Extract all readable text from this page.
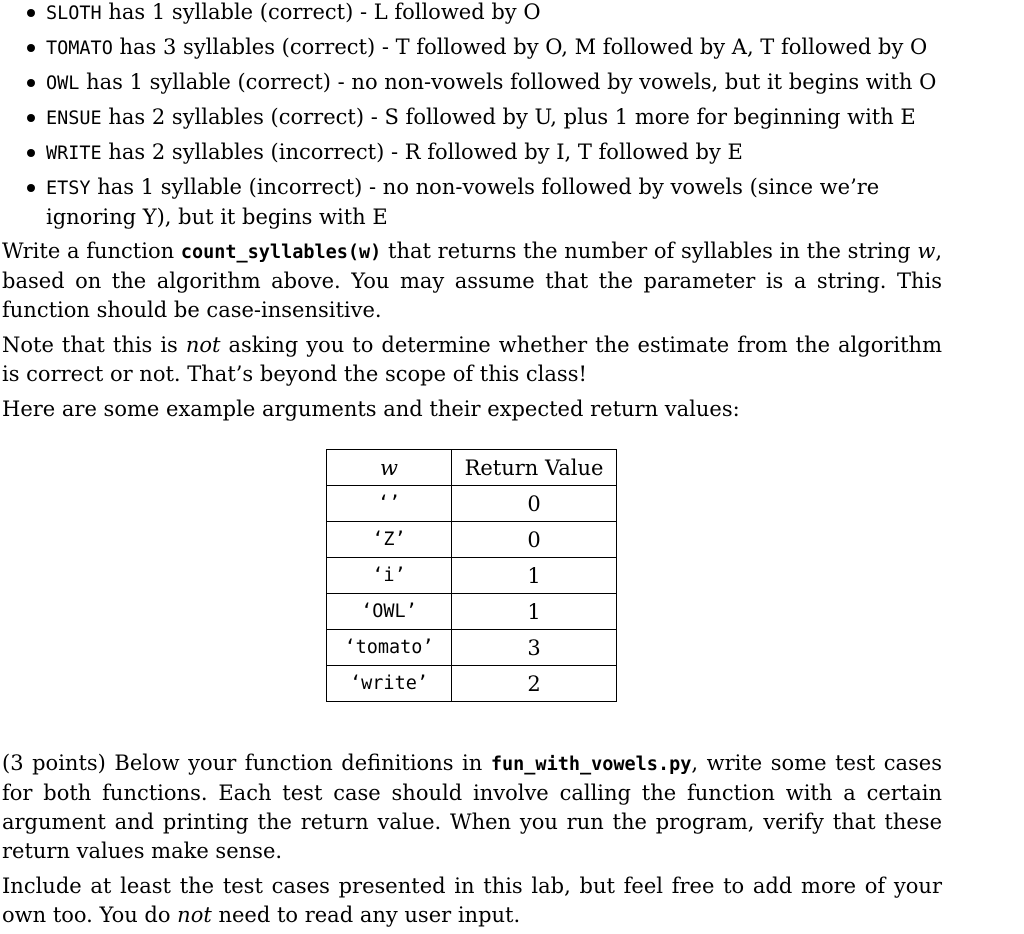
SLOTH has 1 syllable (correct) - L followed by O
TOMATO has 3 syllables (correct) - T followed by O, M followed by A, T followed by O
OWL has 1 syllable (correct) - no non-vowels followed by vowels, but it begins with O
ENSUE has 2 syllables (correct) - S followed by U, plus 1 more for beginning with E
WRITE has 2 syllables (incorrect) - R followed by I, T followed by E
ETSY has 1 syllable (incorrect) - no non-vowels followed by vowels (since we’re ignoring Y), but it begins with E

Write a function count_syllables(w) that returns the number of syllables in the string w, based on the algorithm above. You may assume that the parameter is a string. This function should be case-insensitive.

Note that this is not asking you to determine whether the estimate from the algorithm is correct or not. That’s beyond the scope of this class!

Here are some example arguments and their expected return values:

w	Return Value
‘’	0
‘Z’	0
‘i’	1
‘OWL’	1
‘tomato’	3
‘write’	2

(3 points) Below your function definitions in fun_with_vowels.py, write some test cases for both functions. Each test case should involve calling the function with a certain argument and printing the return value. When you run the program, verify that these return values make sense.

Include at least the test cases presented in this lab, but feel free to add more of your own too. You do not need to read any user input.
